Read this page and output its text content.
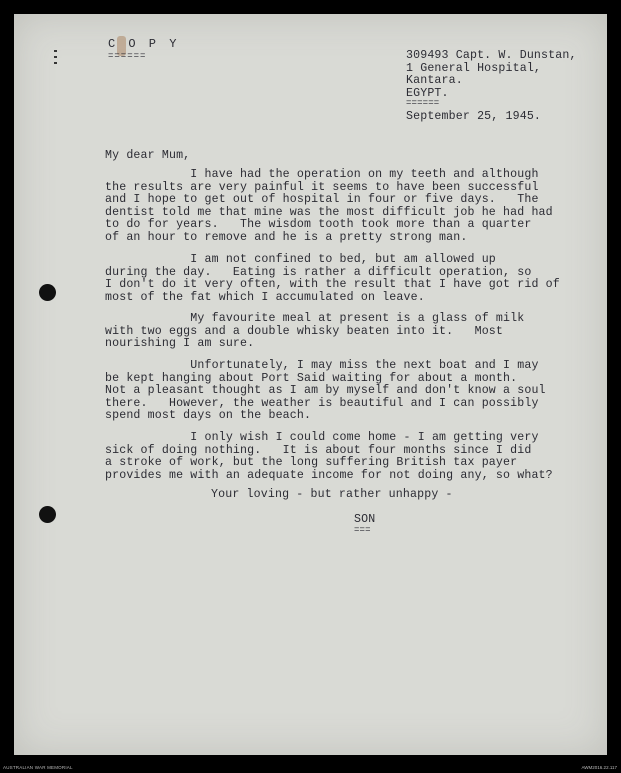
C O P Y
======	309493 Capt. W. Dunstan,
1 General Hospital,
Kantara.
EGYPT.
======
September 25, 1945.
My dear Mum,
I have had the operation on my teeth and although
the results are very painful it seems to have been successful
and I hope to get out of hospital in four or five days.   The
dentist told me that mine was the most difficult job he had had
to do for years.   The wisdom tooth took more than a quarter
of an hour to remove and he is a pretty strong man.
I am not confined to bed, but am allowed up
during the day.   Eating is rather a difficult operation, so
I don't do it very often, with the result that I have got rid of
most of the fat which I accumulated on leave.
My favourite meal at present is a glass of milk
with two eggs and a double whisky beaten into it.   Most
nourishing I am sure.
Unfortunately, I may miss the next boat and I may
be kept hanging about Port Said waiting for about a month.
Not a pleasant thought as I am by myself and don't know a soul
there.   However, the weather is beautiful and I can possibly
spend most days on the beach.
I only wish I could come home - I am getting very
sick of doing nothing.   It is about four months since I did
a stroke of work, but the long suffering British tax payer
provides me with an adequate income for not doing any, so what?
Your loving - but rather unhappy -
SON
===
AUSTRALIAN WAR MEMORIAL	AWM2016.22.117
